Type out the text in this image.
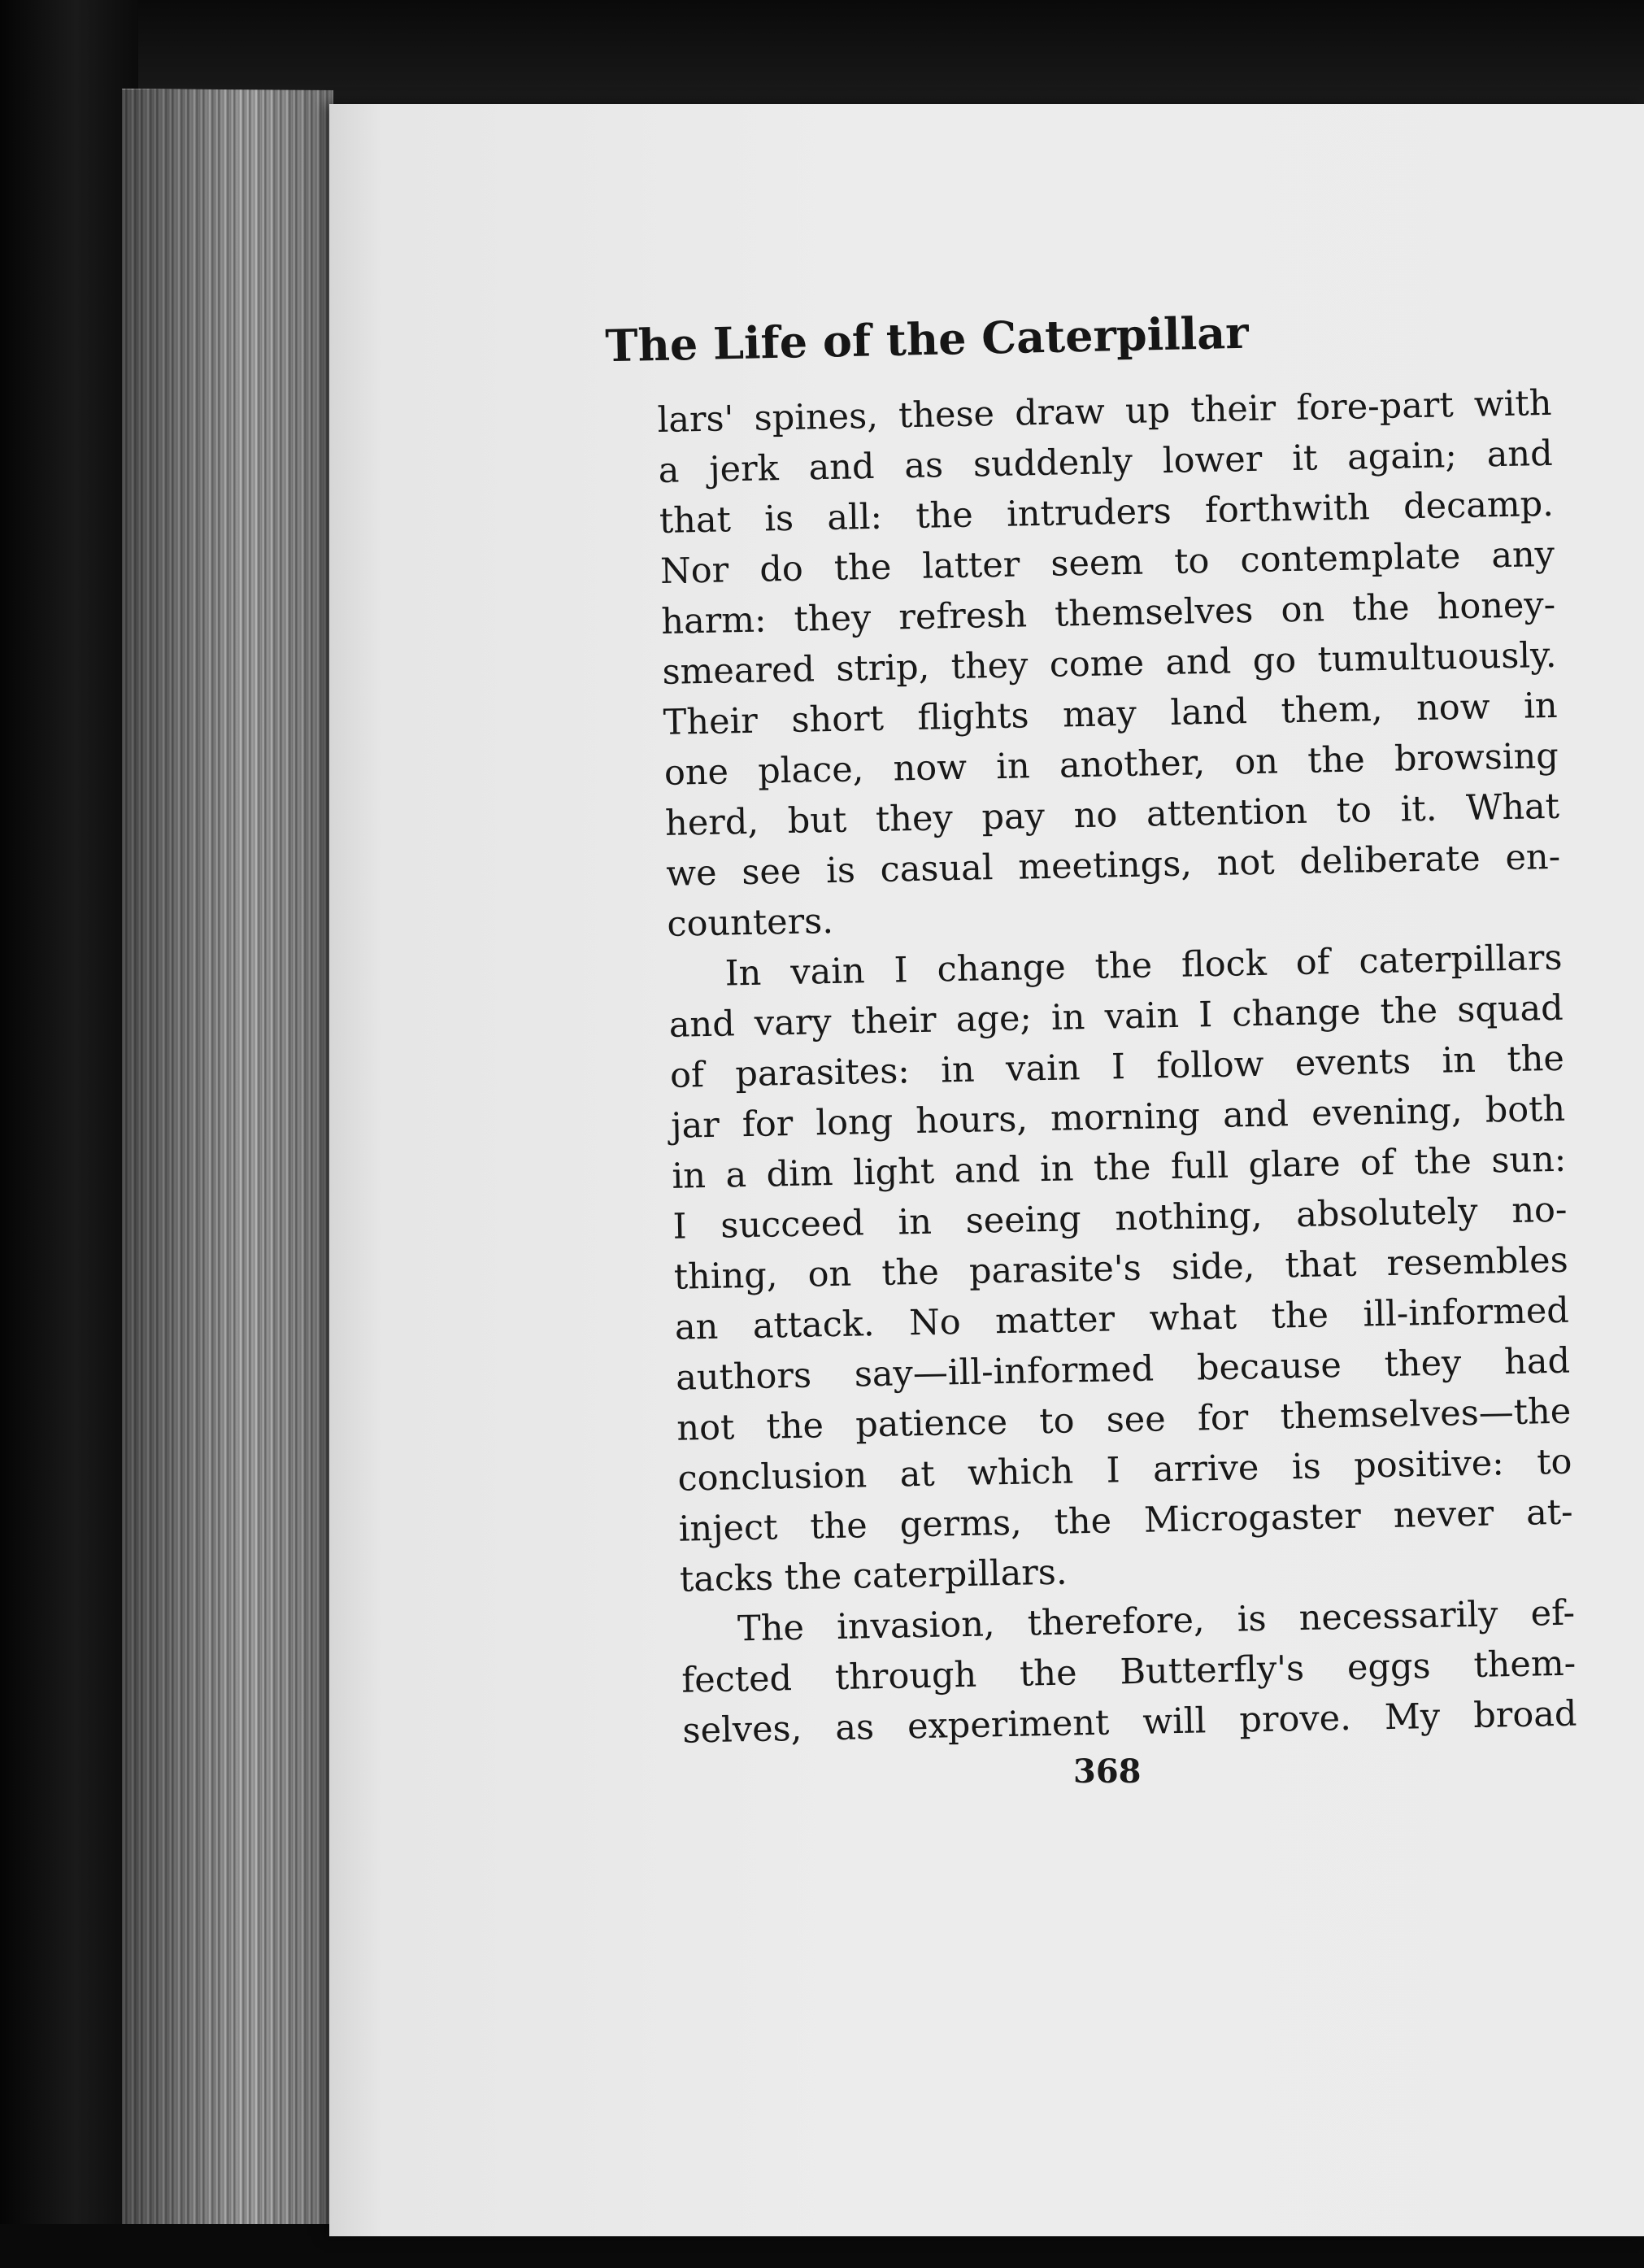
The Life of the Caterpillar
lars' spines, these draw up their fore-part with
a jerk and as suddenly lower it again; and
that is all: the intruders forthwith decamp.
Nor do the latter seem to contemplate any
harm: they refresh themselves on the honey-
smeared strip, they come and go tumultuously.
Their short flights may land them, now in
one place, now in another, on the browsing
herd, but they pay no attention to it. What
we see is casual meetings, not deliberate en-
counters.
In vain I change the flock of caterpillars
and vary their age; in vain I change the squad
of parasites: in vain I follow events in the
jar for long hours, morning and evening, both
in a dim light and in the full glare of the sun:
I succeed in seeing nothing, absolutely no-
thing, on the parasite's side, that resembles
an attack. No matter what the ill-informed
authors say—ill-informed because they had
not the patience to see for themselves—the
conclusion at which I arrive is positive: to
inject the germs, the Microgaster never at-
tacks the caterpillars.
The invasion, therefore, is necessarily ef-
fected through the Butterfly's eggs them-
selves, as experiment will prove. My broad
368
